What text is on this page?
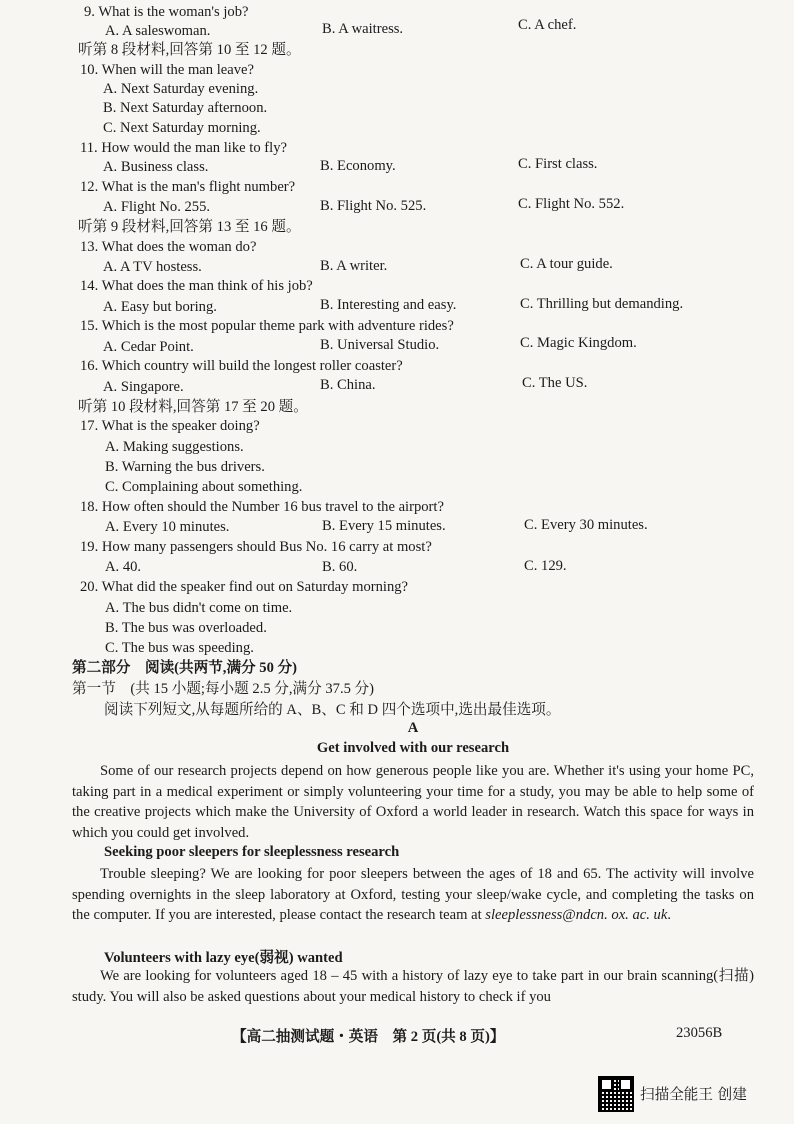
9. What is the woman's job?
A. A saleswoman.	B. A waitress.	C. A chef.
听第 8 段材料,回答第 10 至 12 题。
10. When will the man leave?
A. Next Saturday evening.
B. Next Saturday afternoon.
C. Next Saturday morning.
11. How would the man like to fly?
A. Business class.	B. Economy.	C. First class.
12. What is the man's flight number?
A. Flight No. 255.	B. Flight No. 525.	C. Flight No. 552.
听第 9 段材料,回答第 13 至 16 题。
13. What does the woman do?
A. A TV hostess.	B. A writer.	C. A tour guide.
14. What does the man think of his job?
A. Easy but boring.	B. Interesting and easy.	C. Thrilling but demanding.
15. Which is the most popular theme park with adventure rides?
A. Cedar Point.	B. Universal Studio.	C. Magic Kingdom.
16. Which country will build the longest roller coaster?
A. Singapore.	B. China.	C. The US.
听第 10 段材料,回答第 17 至 20 题。
17. What is the speaker doing?
A. Making suggestions.
B. Warning the bus drivers.
C. Complaining about something.
18. How often should the Number 16 bus travel to the airport?
A. Every 10 minutes.	B. Every 15 minutes.	C. Every 30 minutes.
19. How many passengers should Bus No. 16 carry at most?
A. 40.	B. 60.	C. 129.
20. What did the speaker find out on Saturday morning?
A. The bus didn't come on time.
B. The bus was overloaded.
C. The bus was speeding.
第二部分　阅读(共两节,满分 50 分)
第一节　(共 15 小题;每小题 2.5 分,满分 37.5 分)
阅读下列短文,从每题所给的 A、B、C 和 D 四个选项中,选出最佳选项。
A
Get involved with our research
Some of our research projects depend on how generous people like you are. Whether it's using your home PC, taking part in a medical experiment or simply volunteering your time for a study, you may be able to help some of the creative projects which make the University of Oxford a world leader in research. Watch this space for ways in which you could get involved.
Seeking poor sleepers for sleeplessness research
Trouble sleeping? We are looking for poor sleepers between the ages of 18 and 65. The activity will involve spending overnights in the sleep laboratory at Oxford, testing your sleep/wake cycle, and completing the tasks on the computer. If you are interested, please contact the research team at sleeplessness@ndcn. ox. ac. uk.
Volunteers with lazy eye(弱视) wanted
We are looking for volunteers aged 18 – 45 with a history of lazy eye to take part in our brain scanning(扫描) study. You will also be asked questions about your medical history to check if you
【高二抽测试题・英语　第 2 页(共 8 页)】	23056B
扫描全能王 创建
